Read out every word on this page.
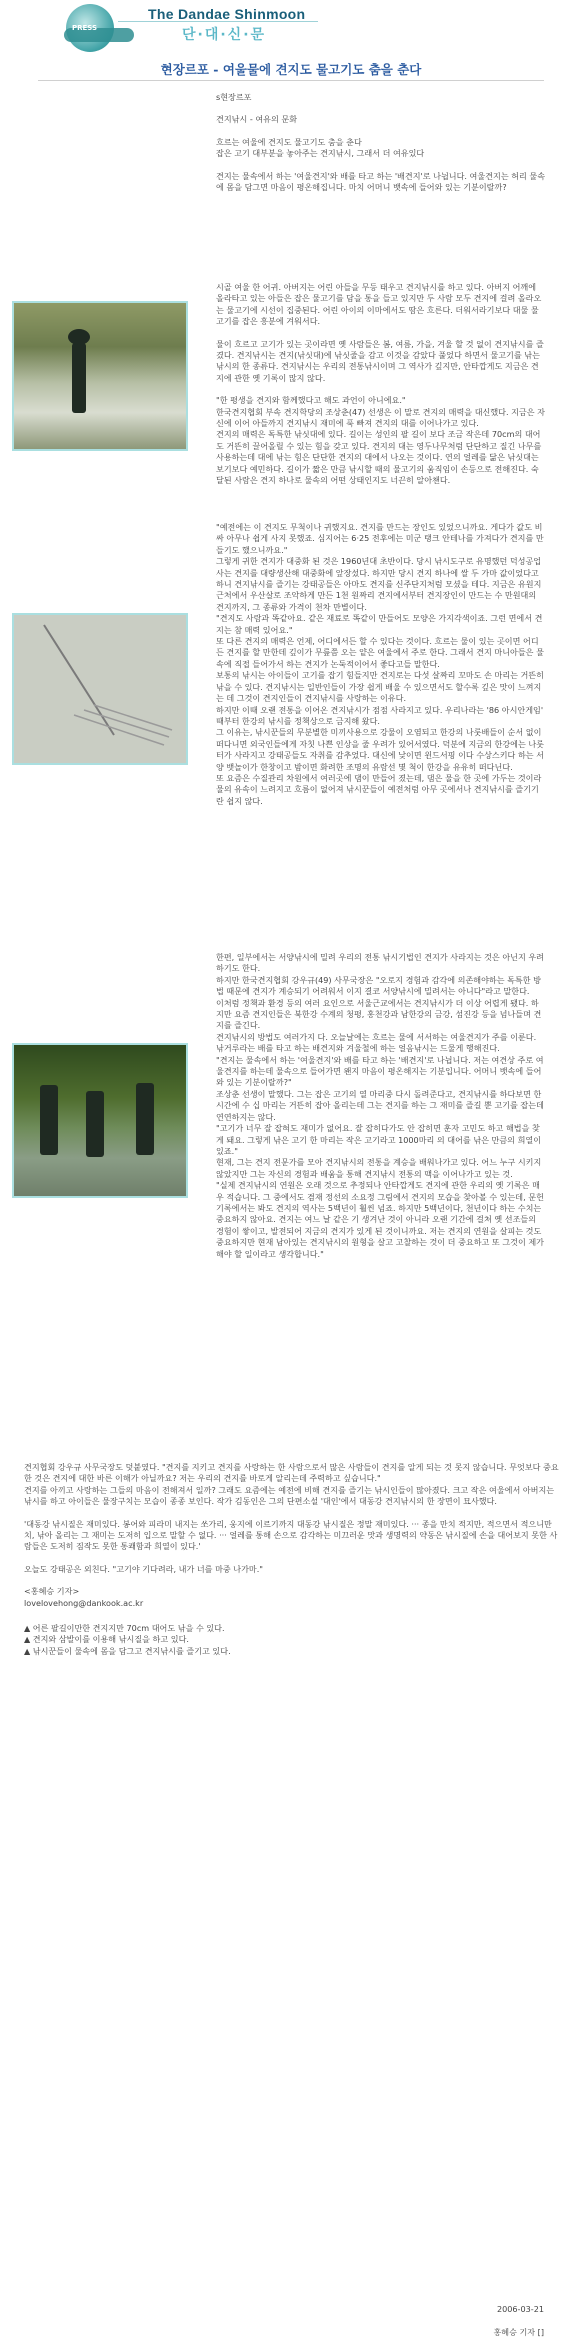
PRESS
The Dandae Shinmoon
단·대·신·문
현장르포 - 여울물에 견지도 물고기도 춤을 춘다

s현장르포

견지낚시 - 여유의 문화

흐르는 여울에 견지도 물고기도 춤을 춘다
잡은 고기 대부분을 놓아주는 견지낚시, 그래서 더 여유있다

견지는 물속에서 하는 '여울견지'와 배를 타고 하는 '배견지'로 나뉩니다. 여울견지는 허리 물속에 몸을 담그면 마음이 평온해집니다. 마치 어머니 뱃속에 들어와 있는 기분이랄까?

시골 여울 한 어귀. 아버지는 어린 아들을 무등 태우고 견지낚시를 하고 있다. 아버지 어깨에 올라타고 있는 아들은 잡은 물고기를 담을 통을 들고 있지만 두 사람 모두 견지에 걸려 올라오는 물고기에 시선이 집중된다. 어린 아이의 이마에서도 땀은 흐른다. 더워서라기보다 대물 물고기를 잡은 흥분에 겨워서다.

물이 흐르고 고기가 있는 곳이라면 옛 사람들은 봄, 여름, 가을, 겨울 할 것 없이 견지낚시를 즐겼다. 견지낚시는 견지(낚싯대)에 낚싯줄을 감고 이것을 감았다 풀었다 하면서 물고기를 낚는 낚시의 한 종류다. 견지낚시는 우리의 전통낚시이며 그 역사가 깊지만, 안타깝게도 지금은 견지에 관한 옛 기록이 많지 않다.

"한 평생을 견지와 함께했다고 해도 과언이 아니에요."

한국견지협회 부속 견지학당의 조상춘(47) 선생은 이 말로 견지의 매력을 대신했다. 지금은 자신에 이어 아들까지 견지낚시 재미에 푹 빠져 견지의 대를 이어나가고 있다.

견지의 매력은 독특한 낚싯대에 있다. 길이는 성인의 팔 길이 보다 조금 작은데 70cm의 대어도 거뜬히 끌어올릴 수 있는 힘을 갖고 있다. 견지의 대는 영두나무처럼 단단하고 질긴 나무를 사용하는데 대에 낚는 힘은 단단한 견지의 대에서 나오는 것이다. 연의 얼레를 닮은 낚싯대는 보기보다 예민하다. 길이가 짧은 만큼 낚시할 때의 물고기의 움직임이 손등으로 전해진다. 숙달된 사람은 견지 하나로 물속의 어떤 상태인지도 너끈히 알아챈다.

"예전에는 이 견지도 무척이나 귀했지요. 견지를 만드는 장인도 있었으니까요. 게다가 값도 비싸 아무나 쉽게 사지 못했죠. 심지어는 6·25 전후에는 미군 탱크 안테나를 가져다가 견지를 만들기도 했으니까요."

그렇게 귀한 견지가 대중화 된 것은 1960년대 초반이다. 당시 낚시도구로 유명했던 덕성공업사는 견지를 대량생산해 대중화에 앞장섰다. 하지만 당시 견지 하나에 쌀 두 가마 값이었다고 하니 견지낚시를 즐기는 강태공들은 아마도 견지를 신주단지처럼 모셨을 테다. 지금은 유원지 근처에서 우산살로 조악하게 만든 1천 원짜리 견지에서부터 견지장인이 만드는 수 만원대의 견지까지, 그 종류와 가격이 천차 만별이다.

"견지도 사람과 똑같아요. 같은 재료로 똑같이 만들어도 모양은 가지각색이죠. 그런 면에서 견지는 참 매력 있어요."

또 다른 견지의 매력은 언제, 어디에서든 할 수 있다는 것이다. 흐르는 물이 있는 곳이면 어디든 견지를 할 만한데 깊이가 무릎쯤 오는 얕은 여울에서 주로 한다. 그래서 견지 마니아들은 물 속에 직접 들어가서 하는 견지가 논둑적이어서 좋다고들 말한다.

보통의 낚시는 아이들이 고기를 잡기 힘들지만 견지로는 다섯 살짜리 꼬마도 손 마리는 거뜬히 낚을 수 있다. 견지낚시는 일반인들이 가장 쉽게 배울 수 있으면서도 할수록 깊은 맛이 느껴지는 데 그것이 견지인들이 견지낚시를 사랑하는 이유다.

하지만 이때 오랜 전통을 이어온 견지낚시가 점점 사라지고 있다. 우리나라는 '86 아시안게임' 때부터 한강의 낚시를 정책상으로 금지해 왔다.

그 이유는, 낚시꾼들의 무분별한 미끼사용으로 강물이 오염되고 한강의 나룻배들이 순서 없이 떠다니면 외국인들에게 자칫 나쁜 인상을 줄 우려가 있어서였다. 덕분에 지금의 한강에는 나룻터가 사라지고 강태공들도 자취를 감추었다. 대신에 낮이면 윈드서핑 이다 수상스키다 하는 서양 뱃놀이가 한창이고 밤이면 화려한 조명의 유람선 몇 척이 한강을 유유히 떠다닌다.

또 요즘은 수질관리 차원에서 여러곳에 댐이 만들어 졌는데, 댐은 물을 한 곳에 가두는 것이라 물의 유속이 느려지고 흐름이 없어져 낚시꾼들이 예전처럼 아무 곳에서나 견지낚시를 즐기기란 쉽지 않다.

한편, 일부에서는 서양낚시에 밀려 우리의 전통 낚시기법인 견지가 사라지는 것은 아닌지 우려하기도 한다.

하지만 한국견지협회 강우규(49) 사무국장은 "오로지 경험과 감각에 의존해야하는 독특한 방법 때문에 견지가 계승되기 어려워서 이지 결코 서양낚시에 밀려서는 아니다"라고 말한다.

이처럼 정책과 환경 등의 여러 요인으로 서울근교에서는 견지낚시가 더 이상 어렵게 됐다. 하지만 요즘 견지인들은 북한강 수계의 청평, 홍천강과 남한강의 금강, 섬진강 등을 넘나들며 견지를 즐긴다.

견지낚시의 방법도 여러가지 다. 오늘날에는 흐르는 물에 서서하는 여울견지가 주를 이룬다. 낚거루라는 배를 타고 하는 배견지와 겨울철에 하는 얼음낚시는 드물게 행해진다.

"견지는 물속에서 하는 '여울견지'와 배를 타고 하는 '배견지'로 나뉩니다. 저는 여견상 주로 여울견지를 하는데 물속으로 들어가면 왠지 마음이 평온해지는 기분입니다. 어머니 뱃속에 들어와 있는 기분이랄까?"

조상춘 선생이 말했다. 그는 잡은 고기의 열 마리중 다시 돌려준다고, 견지낚시를 하다보면 한 시간에 수 십 마리는 거뜬히 잡아 올리는데 그는 견지를 하는 그 재미를 즐길 뿐 고기를 잡는데 연연하지는 않다.

"고기가 너무 잘 잡혀도 재미가 없어요. 잘 잡히다가도 안 잡히면 훈자 고민도 하고 해법을 찾게 돼요. 그렇게 낚은 고기 한 마리는 작은 고기라고 1000마리 의 대어를 낚은 만큼의 희열이 있죠."

현재, 그는 견지 전문가를 모아 견지낚시의 전통을 계승을 배워나가고 있다. 어느 누구 시키지 않았지만 그는 자신의 경험과 배움을 통해 견지낚시 전통의 맥을 이어나가고 있는 것.

"실제 견지낚시의 연원은 오래 것으로 추정되나 안타깝게도 견지에 관한 우리의 옛 기록은 매우 적습니다. 그 중에서도 겸재 정선의 소요정 그림에서 견지의 모습을 찾아볼 수 있는데, 문헌 기록에서는 봐도 견지의 역사는 5백년이 훨씬 넘죠. 하지만 5백년이다, 천년이다 하는 수치는 중요하지 않아요. 견지는 여느 날 같은 기 생겨난 것이 아니라 오랜 기간에 걸쳐 옛 선조들의 경험이 쌓이고, 발전되어 지금의 견지가 있게 된 것이니까요. 저는 견지의 연원을 살피는 것도 중요하지만 현재 남아있는 견지낚시의 원형을 살고 고찰하는 것이 더 중요하고 또 그것이 제가 해야 할 일이라고 생각합니다."

견지협회 강우규 사무국장도 덧붙였다. "견지를 지키고 견지를 사랑하는 한 사람으로서 많은 사람들이 견지를 알게 되는 것 못지 않습니다. 무엇보다 중요한 것은 견지에 대한 바른 이해가 아닐까요? 저는 우리의 견지를 바로게 알리는데 주력하고 싶습니다."

견지를 아끼고 사랑하는 그들의 마음이 전해져서 일까? 그래도 요즘에는 예전에 비해 견지를 즐기는 낚시인들이 많아졌다. 크고 작은 여울에서 아버지는 낚시를 하고 아이들은 물장구치는 모습이 종종 보인다. 작가 김동인은 그의 단편소설 '대인'에서 대동강 견지낚시의 한 장면이 묘사했다.

'대동강 낚시질은 재미있다. 봉어와 피라미 내지는 쏘가리, 웅지에 이르기까지 대동강 낚시질은 정말 재미있다. ··· 종을 만치 적지만, 적으면서 적으니만치, 낚아 올리는 그 재미는 도저히 입으로 말할 수 없다. ··· 얼레를 통해 손으로 감각하는 미끄러운 맛과 생명력의 약동은 낚시질에 손을 대어보지 못한 사람들은 도저히 짐작도 못한 통쾌함과 희열이 있다.'

오늘도 강태공은 외친다. "고기야 기다려라, 내가 너를 마중 나가마."

<홍혜승 기자>

lovelovehong@dankook.ac.kr

▲ 어른 팔길이만한 견지지만 70cm 대어도 낚을 수 있다.

▲ 견지와 삼발이를 이용해 낚시질을 하고 있다.

▲ 낚시꾼들이 물속에 몸을 담그고 견지낚시를 즐기고 있다.

2006-03-21
홍혜승 기자 []
